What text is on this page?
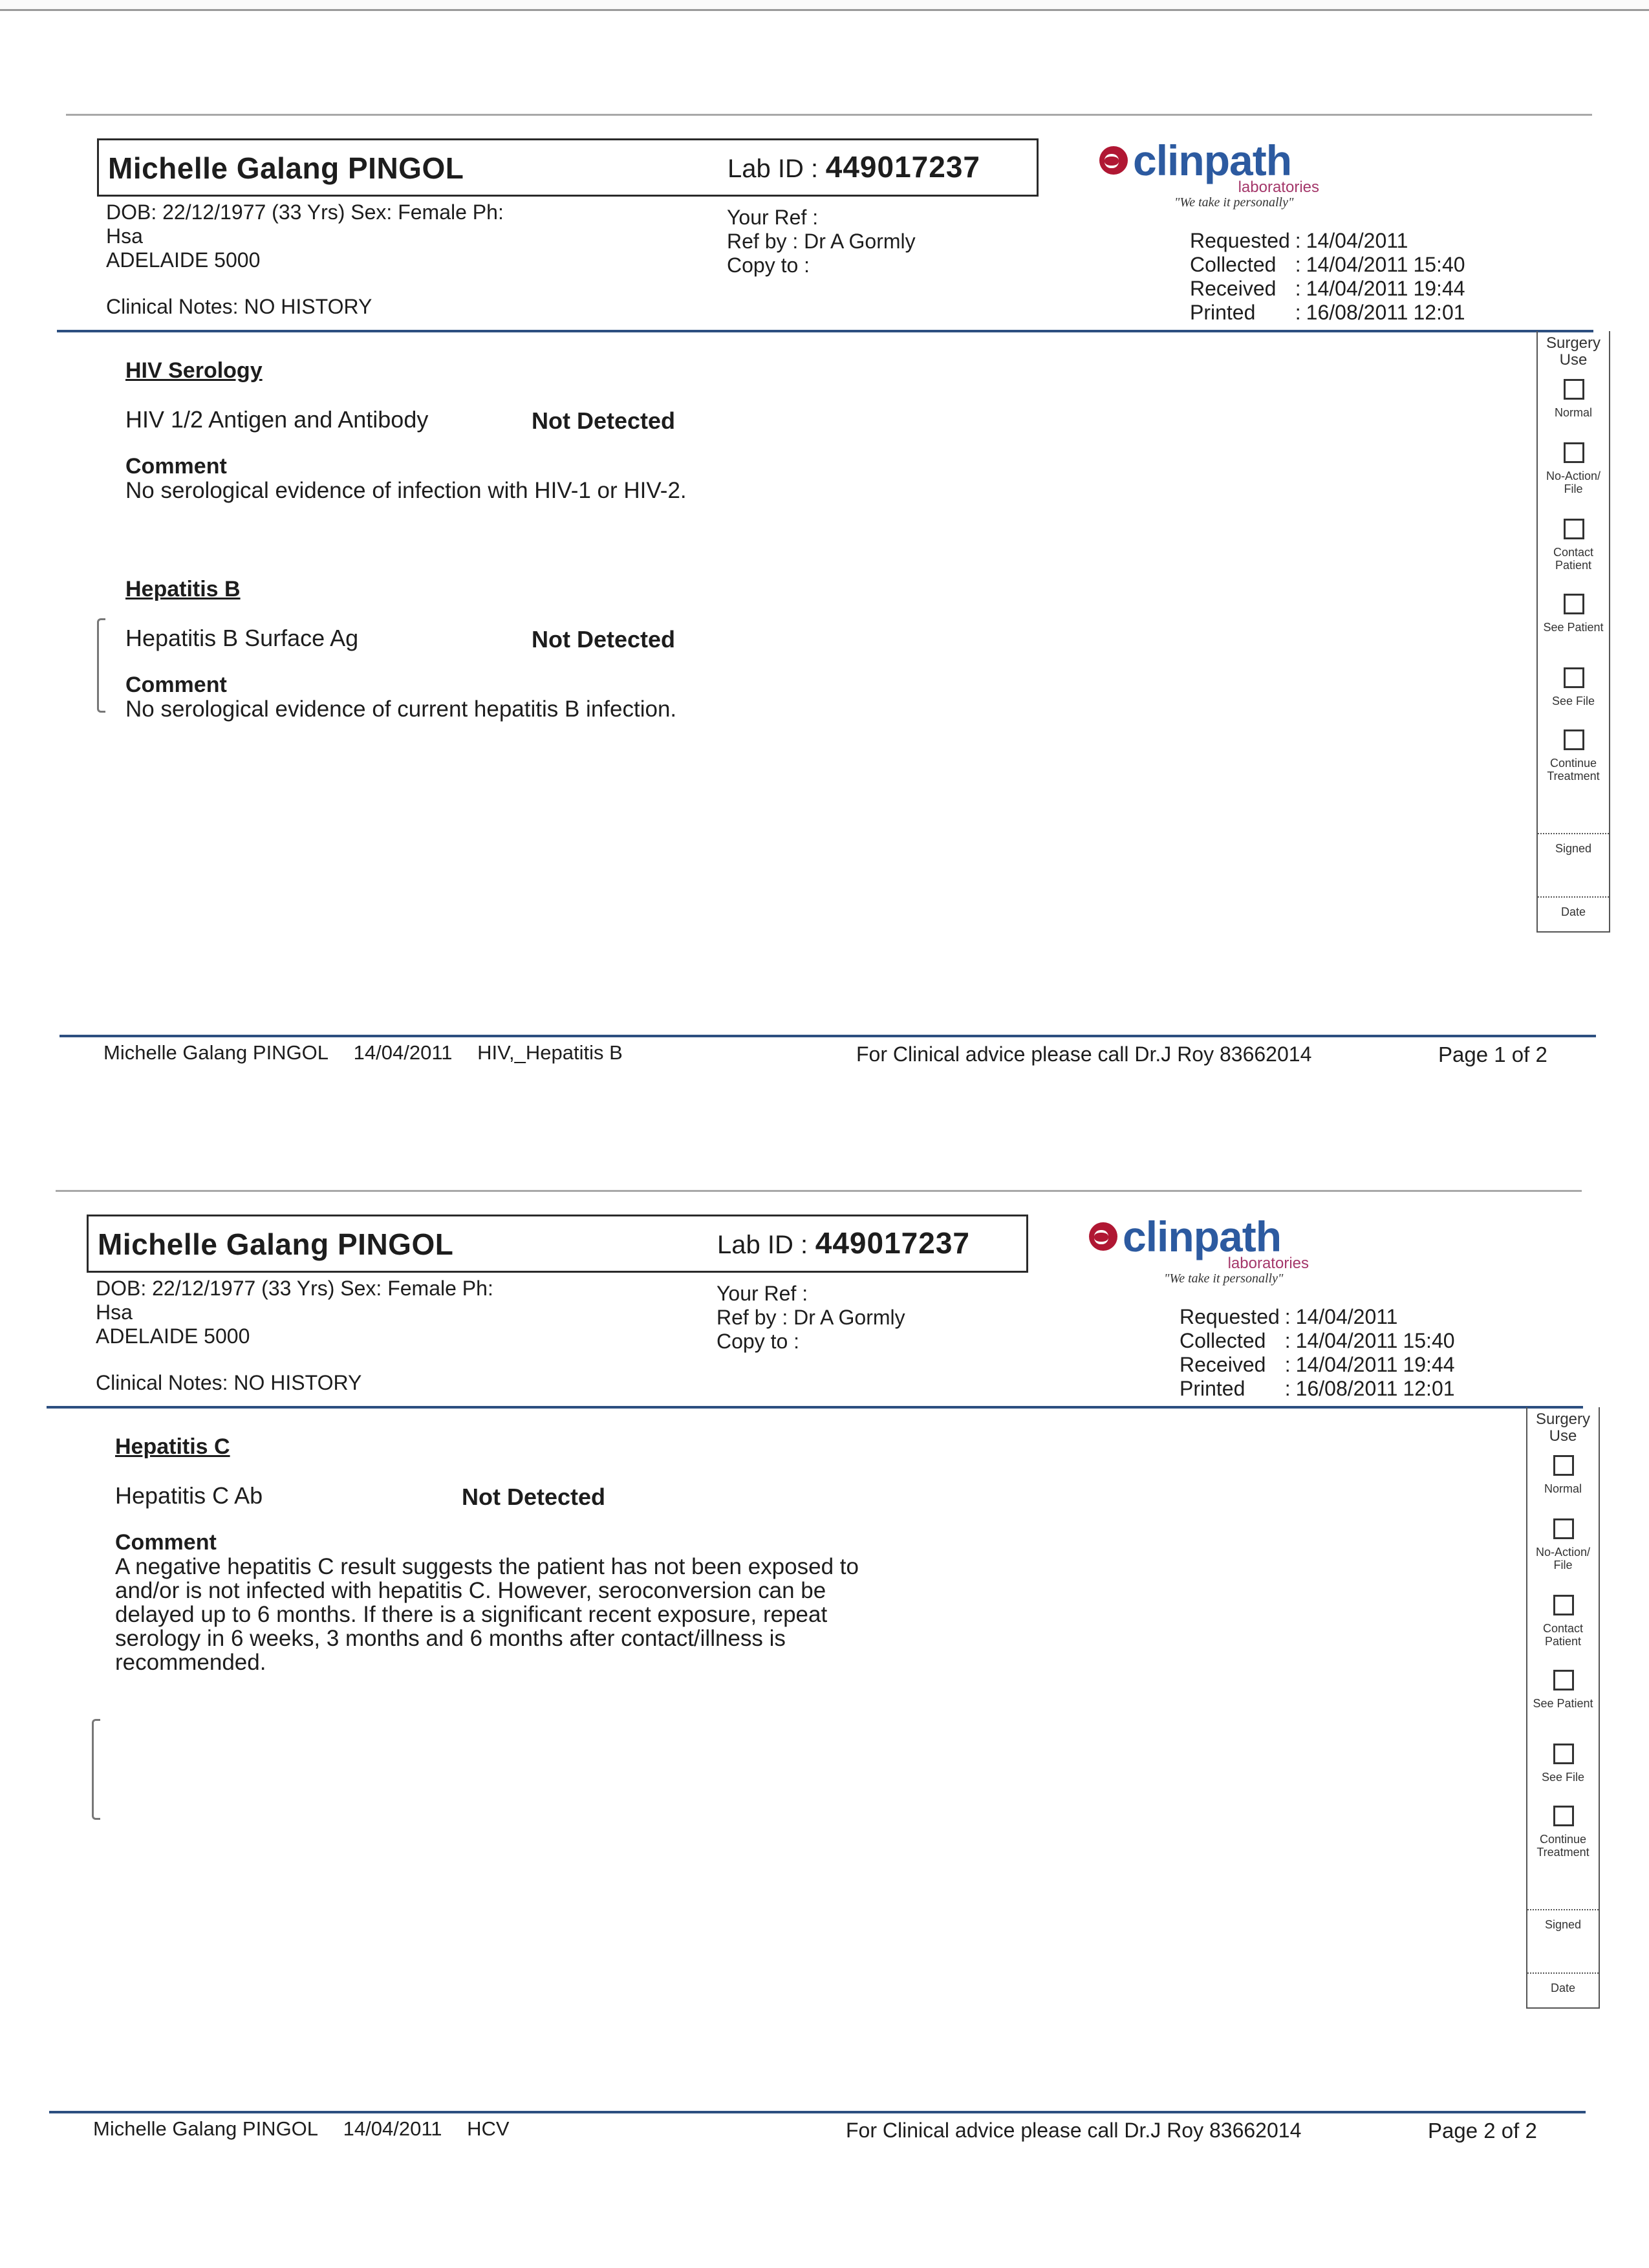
Michelle Galang PINGOL	Lab ID : 449017237	clinpath
laboratories
"We take it personally"
DOB: 22/12/1977 (33 Yrs) Sex: Female Ph:
Hsa
ADELAIDE 5000
Clinical Notes: NO HISTORY
Your Ref :
Ref by : Dr A Gormly
Copy to :
Requested	:	14/04/2011	
Collected	:	14/04/2011	15:40
Received	:	14/04/2011	19:44
Printed	:	16/08/2011	12:01
HIV Serology
HIV 1/2 Antigen and Antibody	Not Detected
Comment
No serological evidence of infection with HIV-1 or HIV-2.
Hepatitis B
Hepatitis B Surface Ag	Not Detected
Comment
No serological evidence of current hepatitis B infection.
Surgery Use
Normal
No-Action/ File
Contact Patient
See Patient
See File
Continue Treatment
Signed
Date
Michelle Galang PINGOL 14/04/2011 HIV,_Hepatitis B	For Clinical advice please call Dr.J Roy 83662014	Page 1 of 2
Michelle Galang PINGOL	Lab ID : 449017237	clinpath
laboratories
"We take it personally"
DOB: 22/12/1977 (33 Yrs) Sex: Female Ph:
Hsa
ADELAIDE 5000
Clinical Notes: NO HISTORY
Your Ref :
Ref by : Dr A Gormly
Copy to :
Requested	:	14/04/2011	
Collected	:	14/04/2011	15:40
Received	:	14/04/2011	19:44
Printed	:	16/08/2011	12:01
Hepatitis C
Hepatitis C Ab	Not Detected
Comment
A negative hepatitis C result suggests the patient has not been exposed to
and/or is not infected with hepatitis C. However, seroconversion can be
delayed up to 6 months. If there is a significant recent exposure, repeat
serology in 6 weeks, 3 months and 6 months after contact/illness is
recommended.
Surgery Use
Normal
No-Action/ File
Contact Patient
See Patient
See File
Continue Treatment
Signed
Date
Michelle Galang PINGOL 14/04/2011 HCV	For Clinical advice please call Dr.J Roy 83662014	Page 2 of 2
